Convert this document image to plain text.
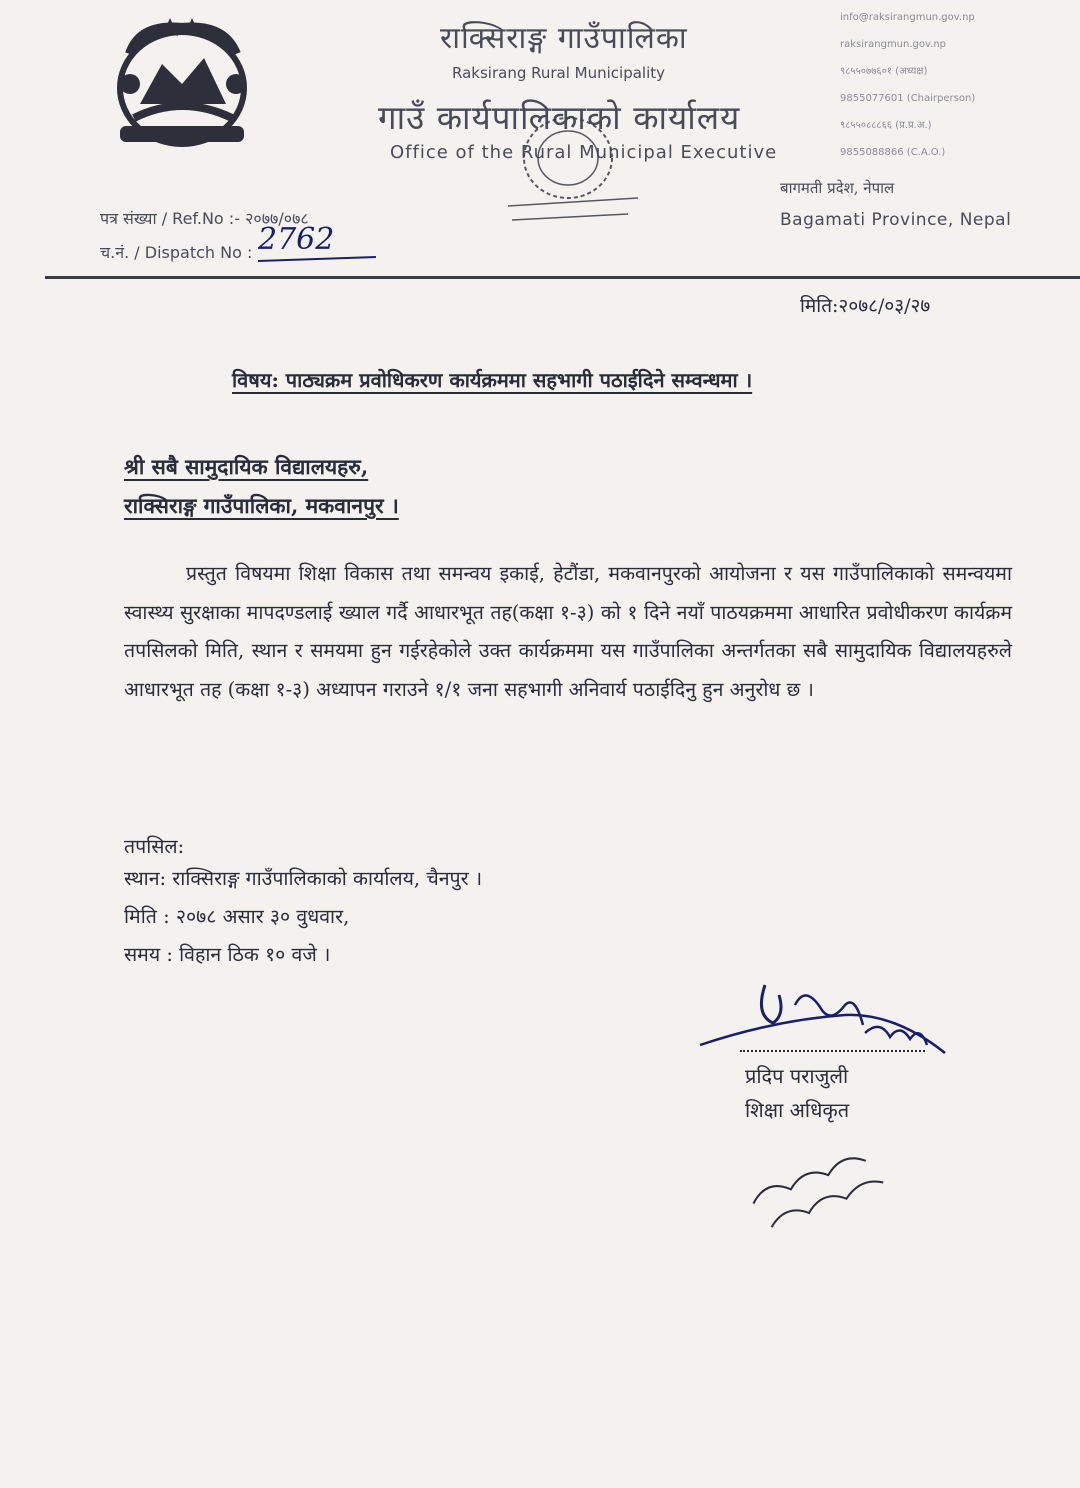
राक्सिराङ्ग गाउँपालिका
Raksirang Rural Municipality
गाउँ कार्यपालिकाको कार्यालय
Office of the Rural Municipal Executive
info@raksirangmun.gov.np
raksirangmun.gov.np
९८५५०७७६०१ (अध्यक्ष)
9855077601 (Chairperson)
९८५५०८८८६६ (प्र.प्र.अ.)
9855088866 (C.A.O.)
बागमती प्रदेश, नेपाल
Bagamati Province, Nepal
पत्र संख्या / Ref.No :- २०७७/०७८
च.नं. / Dispatch No : 2762
मिति:२०७८/०३/२७
विषय: पाठ्यक्रम प्रवोधिकरण कार्यक्रममा सहभागी पठाईदिने सम्वन्धमा ।
श्री सबै सामुदायिक विद्यालयहरु,
राक्सिराङ्ग गाउँपालिका, मकवानपुर ।
प्रस्तुत विषयमा शिक्षा विकास तथा समन्वय इकाई, हेटौंडा, मकवानपुरको आयोजना र यस गाउँपालिकाको समन्वयमा स्वास्थ्य सुरक्षाका मापदण्डलाई ख्याल गर्दै आधारभूत तह(कक्षा १-३) को १ दिने नयाँ पाठयक्रममा आधारित प्रवोधीकरण कार्यक्रम तपसिलको मिति, स्थान र समयमा हुन गईरहेकोले उक्त कार्यक्रममा यस गाउँपालिका अन्तर्गतका सबै सामुदायिक विद्यालयहरुले आधारभूत तह (कक्षा १-३) अध्यापन गराउने १/१ जना सहभागी अनिवार्य पठाईदिनु हुन अनुरोध छ ।
तपसिल:
स्थान: राक्सिराङ्ग गाउँपालिकाको कार्यालय, चैनपुर ।
मिति : २०७८ असार ३० वुधवार,
समय : विहान ठिक १० वजे ।
प्रदिप पराजुली
शिक्षा अधिकृत
